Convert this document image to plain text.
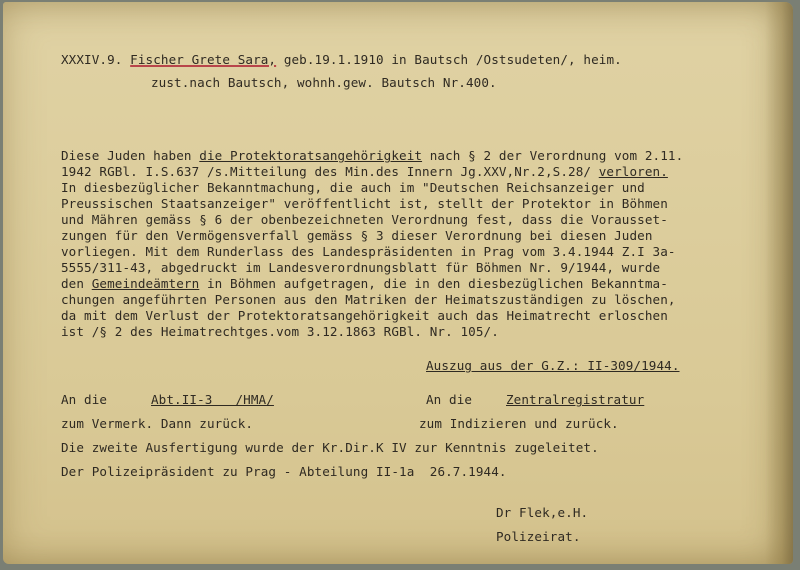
XXXIV.9. Fischer Grete Sara, geb.19.1.1910 in Bautsch /Ostsudeten/, heim.

zust.nach Bautsch, wohnh.gew. Bautsch Nr.400.

Diese Juden haben die Protektoratsangehörigkeit nach § 2 der Verordnung vom 2.11.

1942 RGBl. I.S.637 /s.Mitteilung des Min.des Innern Jg.XXV,Nr.2,S.28/ verloren.

In diesbezüglicher Bekanntmachung, die auch im "Deutschen Reichsanzeiger und

Preussischen Staatsanzeiger" veröffentlicht ist, stellt der Protektor in Böhmen

und Mähren gemäss § 6 der obenbezeichneten Verordnung fest, dass die Vorausset-

zungen für den Vermögensverfall gemäss § 3 dieser Verordnung bei diesen Juden

vorliegen. Mit dem Runderlass des Landespräsidenten in Prag vom 3.4.1944 Z.I 3a-

5555/311-43, abgedruckt im Landesverordnungsblatt für Böhmen Nr. 9/1944, wurde

den Gemeindeämtern in Böhmen aufgetragen, die in den diesbezüglichen Bekanntma-

chungen angeführten Personen aus den Matriken der Heimatszuständigen zu löschen,

da mit dem Verlust der Protektoratsangehörigkeit auch das Heimatrecht erloschen

ist /§ 2 des Heimatrechtges.vom 3.12.1863 RGBl. Nr. 105/.

Auszug aus der G.Z.: II-309/1944.

An die	Abt.II-3   /HMA/	An die	Zentralregistratur

zum Vermerk. Dann zurück.	zum Indizieren und zurück.

Die zweite Ausfertigung wurde der Kr.Dir.K IV zur Kenntnis zugeleitet.

Der Polizeipräsident zu Prag - Abteilung II-1a 26.7.1944.

Dr Flek,e.H.

Polizeirat.
